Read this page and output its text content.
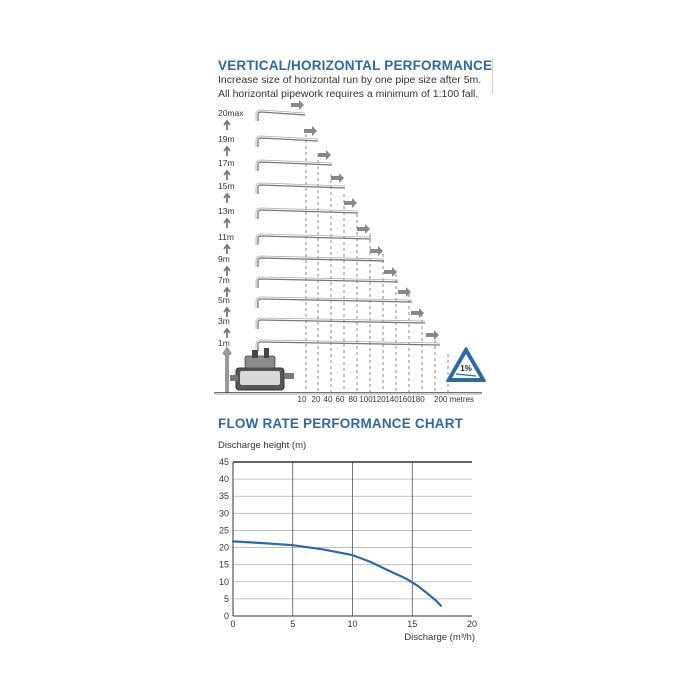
VERTICAL/HORIZONTAL PERFORMANCE
Increase size of horizontal run by one pipe size after 5m.
All horizontal pipework requires a minimum of 1:100 fall.
20max
19m
17m
15m
13m
11m
9m
7m
5m
3m
1m
10 20 40 60 80 100 120 140 160 180 200 metres
1%
Discharge height (m)
0
5
10
15
20
25
30
35
40
45
0	5	10	15	20
Discharge (m³/h)
FLOW RATE PERFORMANCE CHART
